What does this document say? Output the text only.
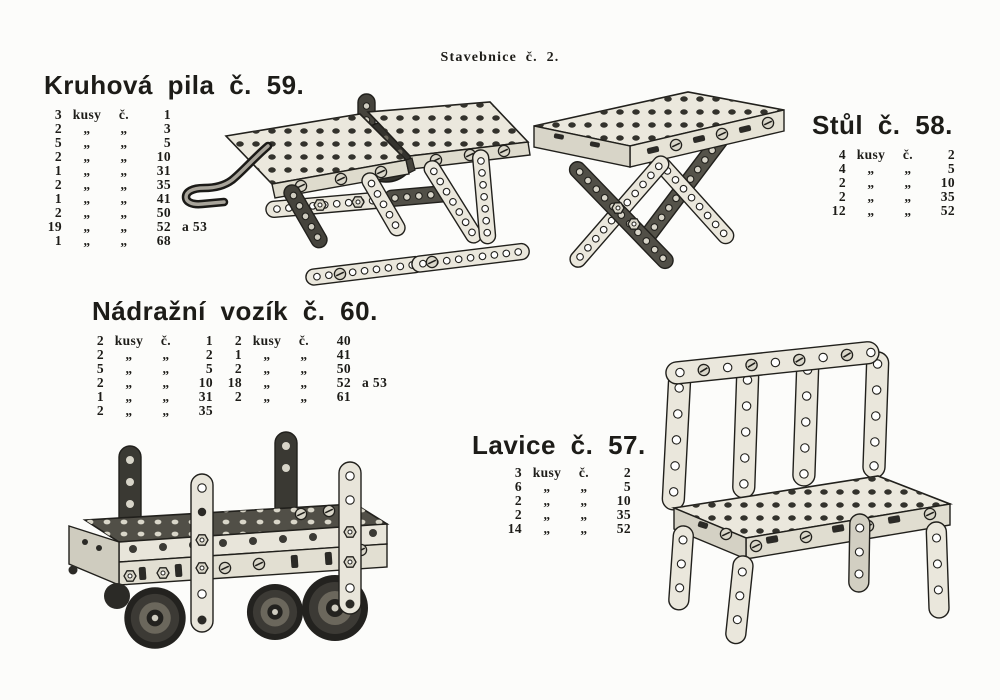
Stavebnice č. 2.
Kruhová pila č. 59.
3 kusy	č.	1
2	„	„	3
5	„	„	5
2	„	„	10
1	„	„	31
2	„	„	35
1	„	„	41
2	„	„	50
19	„	„	52 a 53
1	„	„	68
Stůl č. 58.
4 kusy	č.	2
4	„	„	5
2	„	„	10
2	„	„	35
12	„	„	52
Nádražní vozík č. 60.
2 kusy	č.	1
2	„	„	2
5	„	„	5
2	„	„	10
1	„	„	31
2	„	„	35
2 kusy	č.	40
1	„	„	41
2	„	„	50
18	„	„	52 a 53
2	„	„	61
Lavice č. 57.
3 kusy	č.	2
6	„	„	5
2	„	„	10
2	„	„	35
14	„	„	52
